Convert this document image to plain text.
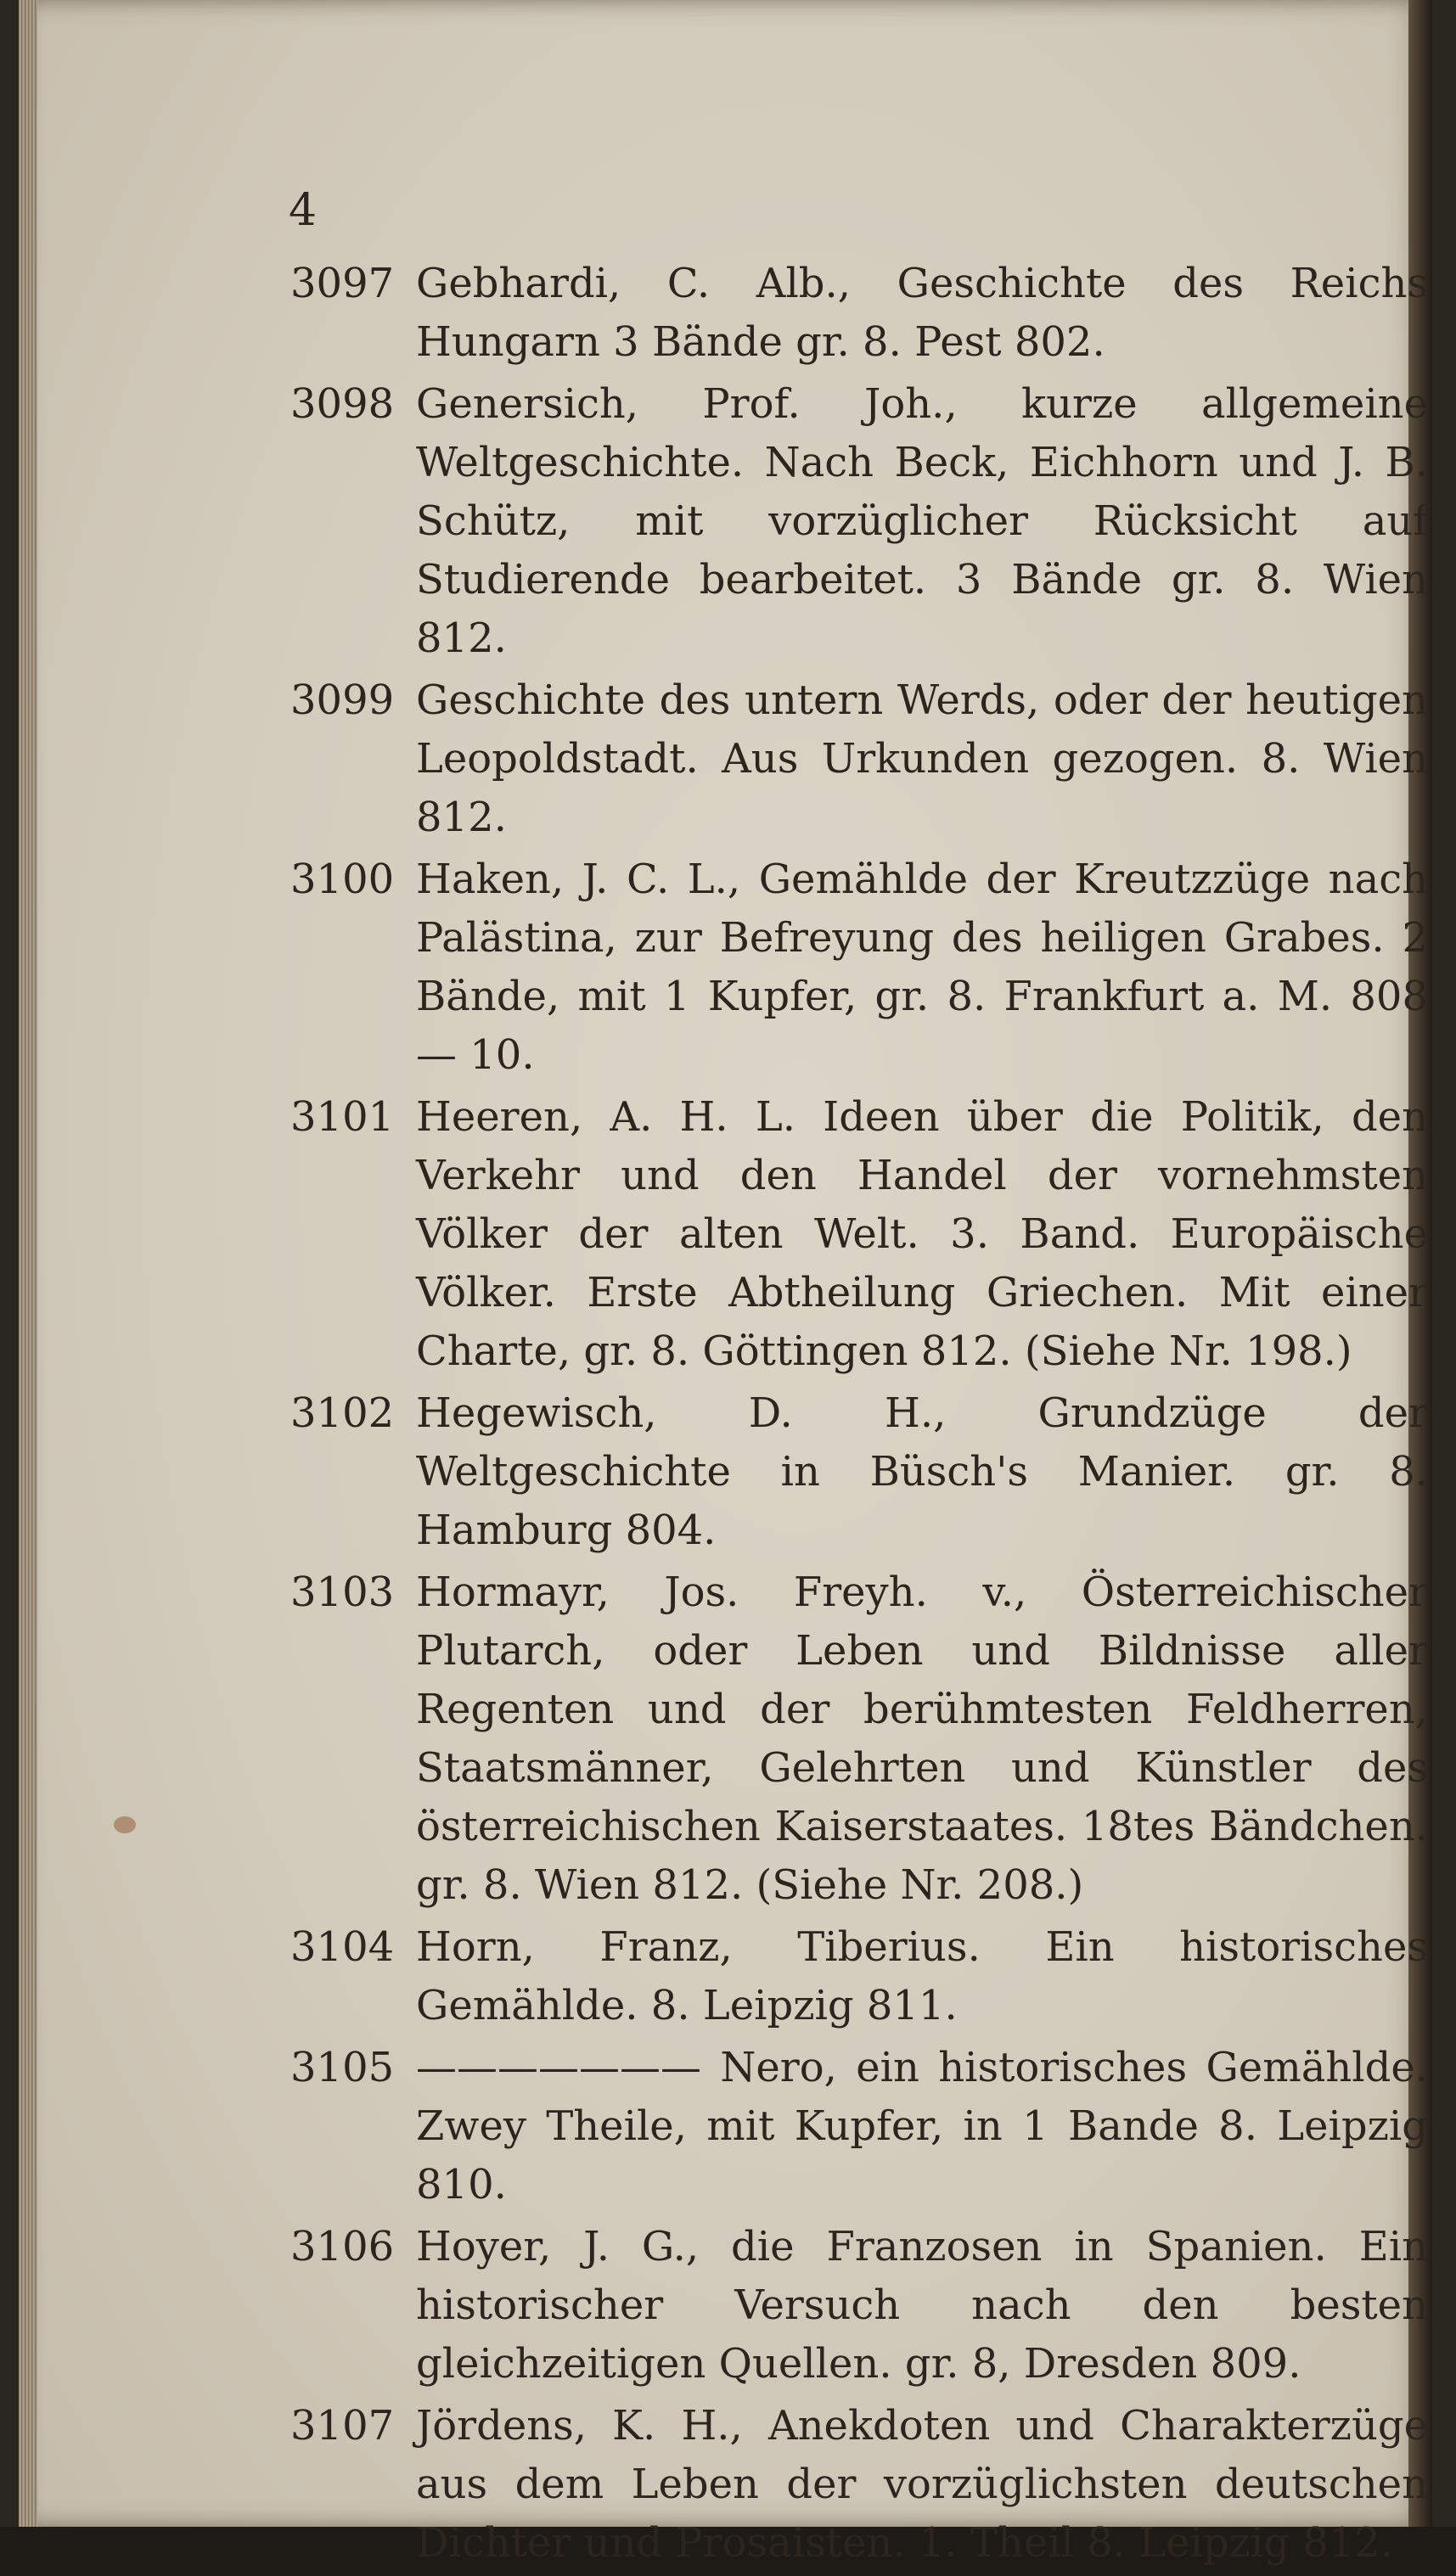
4
3097 Gebhardi, C. Alb., Geschichte des Reichs Hungarn 3 Bände gr. 8. Pest 802.
3098 Genersich, Prof. Joh., kurze allgemeine Weltgeschichte. Nach Beck, Eichhorn und J. B. Schütz, mit vorzüglicher Rücksicht auf Studierende bearbeitet. 3 Bände gr. 8. Wien 812.
3099 Geschichte des untern Werds, oder der heutigen Leopoldstadt. Aus Urkunden gezogen. 8. Wien 812.
3100 Haken, J. C. L., Gemählde der Kreutzzüge nach Palästina, zur Befreyung des heiligen Grabes. 2 Bände, mit 1 Kupfer, gr. 8. Frankfurt a. M. 808 — 10.
3101 Heeren, A. H. L. Ideen über die Politik, den Verkehr und den Handel der vornehmsten Völker der alten Welt. 3. Band. Europäische Völker. Erste Abtheilung Griechen. Mit einer Charte, gr. 8. Göttingen 812. (Siehe Nr. 198.)
3102 Hegewisch, D. H., Grundzüge der Weltgeschichte in Büsch's Manier. gr. 8. Hamburg 804.
3103 Hormayr, Jos. Freyh. v., Österreichischer Plutarch, oder Leben und Bildnisse aller Regenten und der berühmtesten Feldherren, Staatsmänner, Gelehrten und Künstler des österreichischen Kaiserstaates. 18tes Bändchen. gr. 8. Wien 812. (Siehe Nr. 208.)
3104 Horn, Franz, Tiberius. Ein historisches Gemählde. 8. Leipzig 811.
3105 ——————— Nero, ein historisches Gemählde. Zwey Theile, mit Kupfer, in 1 Bande 8. Leipzig 810.
3106 Hoyer, J. G., die Franzosen in Spanien. Ein historischer Versuch nach den besten gleichzeitigen Quellen. gr. 8, Dresden 809.
3107 Jördens, K. H., Anekdoten und Charakterzüge aus dem Leben der vorzüglichsten deutschen Dichter und Prosaisten. 1. Theil 8. Leipzig 812.
